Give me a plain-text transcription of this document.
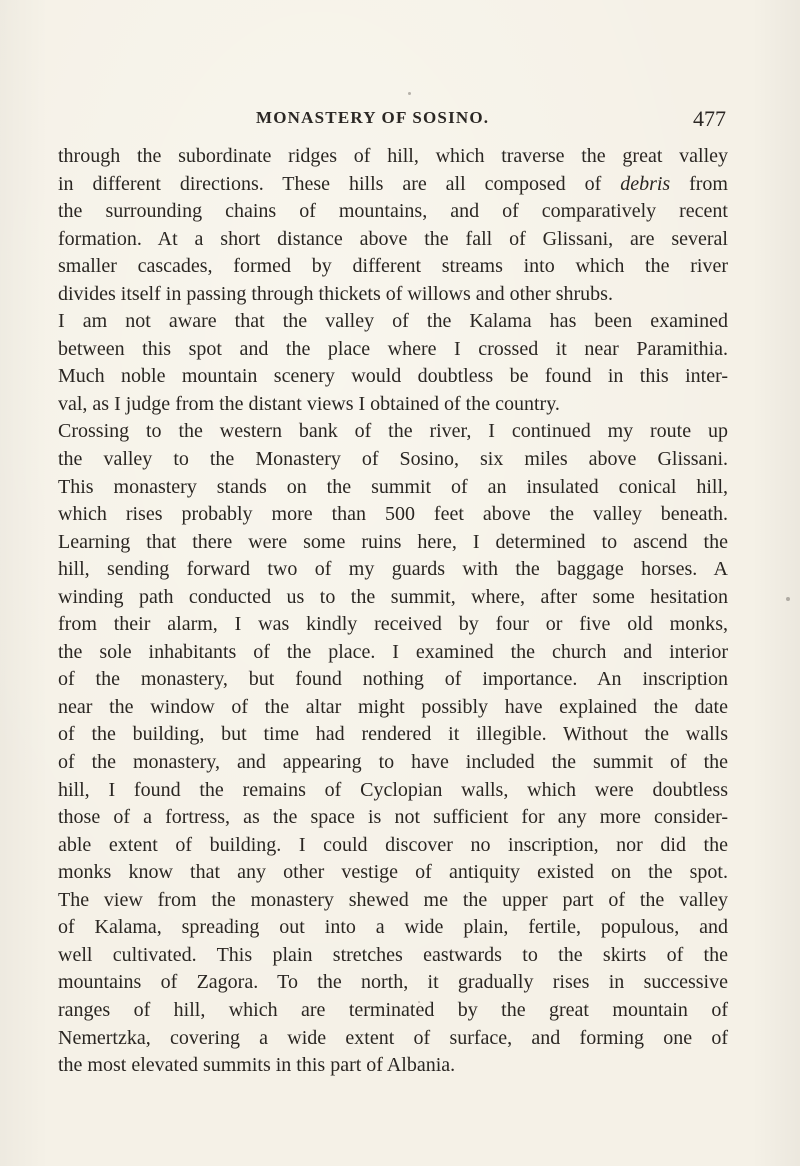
MONASTERY OF SOSINO.	477
through the subordinate ridges of hill, which traverse the great valley
in different directions. These hills are all composed of debris from
the surrounding chains of mountains, and of comparatively recent
formation. At a short distance above the fall of Glissani, are several
smaller cascades, formed by different streams into which the river
divides itself in passing through thickets of willows and other shrubs.
I am not aware that the valley of the Kalama has been examined
between this spot and the place where I crossed it near Paramithia.
Much noble mountain scenery would doubtless be found in this inter-
val, as I judge from the distant views I obtained of the country.
Crossing to the western bank of the river, I continued my route up
the valley to the Monastery of Sosino, six miles above Glissani.
This monastery stands on the summit of an insulated conical hill,
which rises probably more than 500 feet above the valley beneath.
Learning that there were some ruins here, I determined to ascend the
hill, sending forward two of my guards with the baggage horses. A
winding path conducted us to the summit, where, after some hesitation
from their alarm, I was kindly received by four or five old monks,
the sole inhabitants of the place. I examined the church and interior
of the monastery, but found nothing of importance. An inscription
near the window of the altar might possibly have explained the date
of the building, but time had rendered it illegible. Without the walls
of the monastery, and appearing to have included the summit of the
hill, I found the remains of Cyclopian walls, which were doubtless
those of a fortress, as the space is not sufficient for any more consider-
able extent of building. I could discover no inscription, nor did the
monks know that any other vestige of antiquity existed on the spot.
The view from the monastery shewed me the upper part of the valley
of Kalama, spreading out into a wide plain, fertile, populous, and
well cultivated. This plain stretches eastwards to the skirts of the
mountains of Zagora. To the north, it gradually rises in successive
ranges of hill, which are terminated by the great mountain of
Nemertzka, covering a wide extent of surface, and forming one of
the most elevated summits in this part of Albania.
